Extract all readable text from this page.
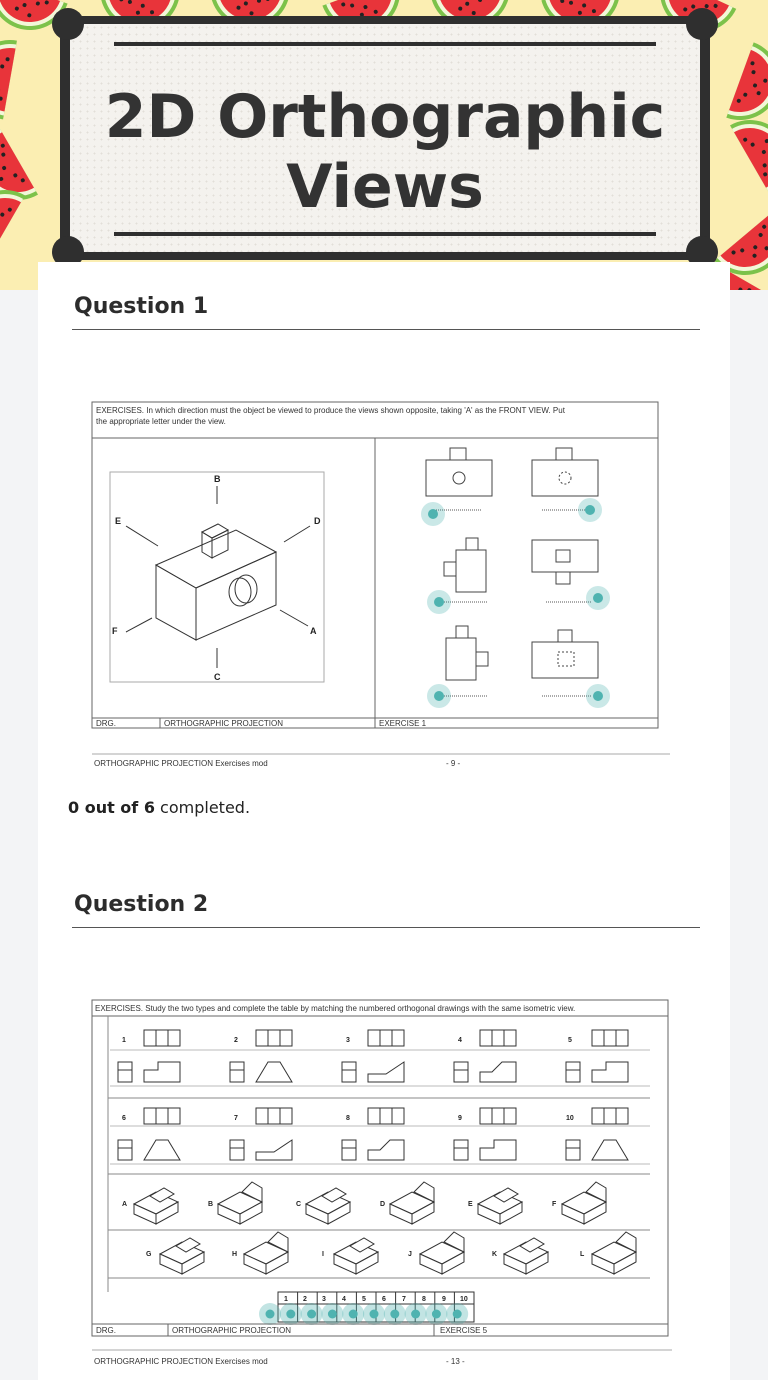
2D Orthographic
Views
Question 1
EXERCISES. In which direction must the object be viewed to produce the views shown opposite, taking 'A' as the FRONT VIEW. Put
the appropriate letter under the view.
DRG.	ORTHOGRAPHIC PROJECTION	EXERCISE 1
B
E	D
F	A
C
ORTHOGRAPHIC PROJECTION Exercises mod	- 9 -
0 out of 6 completed.
Question 2
EXERCISES. Study the two types and complete the table by matching the numbered orthogonal drawings with the same isometric view.
1	2	3	4	5
6	7	8	9	10
A	B	C	D	E	F
G	H	I	J	K	L
1 2 3 4 5 6 7 8 9 10
DRG.	ORTHOGRAPHIC PROJECTION	EXERCISE 5
ORTHOGRAPHIC PROJECTION Exercises mod	- 13 -
